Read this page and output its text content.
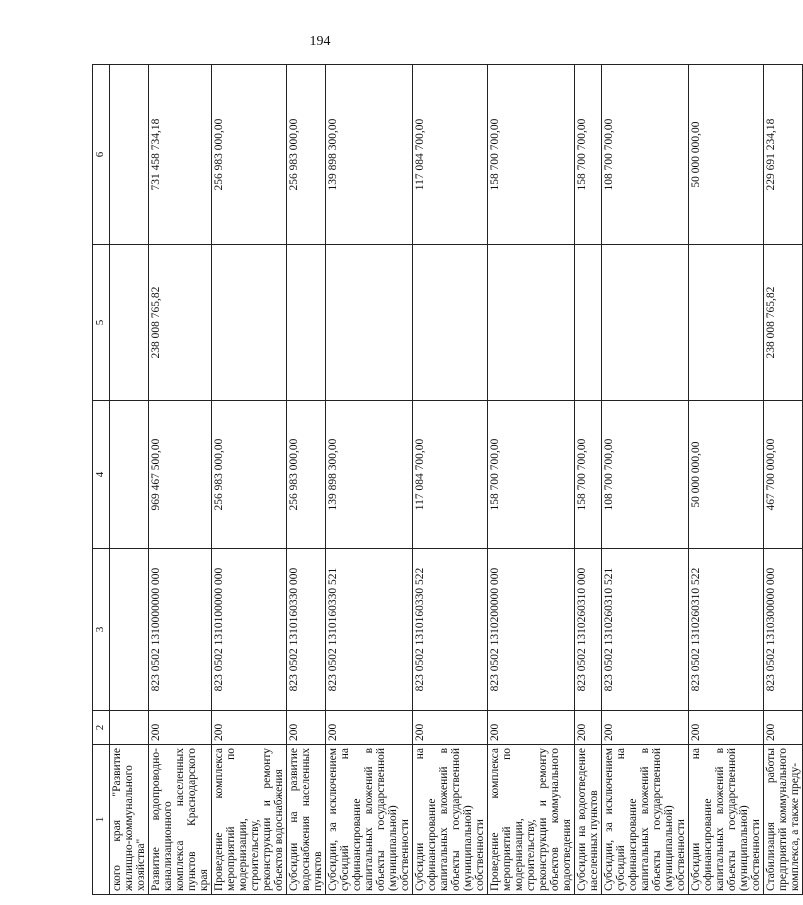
194
1	2	3	4	5	6
ского края "Развитие жилищно-коммунального хозяйства"					
Развитие водопроводно-канализационного комплекса населенных пунктов Краснодарского края	200	823 0502 1310000000 000	969 467 500,00	238 008 765,82	731 458 734,18
Проведение комплекса мероприятий по модернизации, строительству, реконструкции и ремонту объектов водоснабжения	200	823 0502 1310100000 000	256 983 000,00		256 983 000,00
Субсидии на развитие водоснабжения населенных пунктов	200	823 0502 1310160330 000	256 983 000,00		256 983 000,00
Субсидии, за исключением субсидий на софинансирование капитальных вложений в объекты государственной (муниципальной) собственности	200	823 0502 1310160330 521	139 898 300,00		139 898 300,00
Субсидии на софинансирование капитальных вложений в объекты государственной (муниципальной) собственности	200	823 0502 1310160330 522	117 084 700,00		117 084 700,00
Проведение комплекса мероприятий по модернизации, строительству, реконструкции и ремонту объектов коммунального водоотведения	200	823 0502 1310200000 000	158 700 700,00		158 700 700,00
Субсидии на водоотведение населенных пунктов	200	823 0502 1310260310 000	158 700 700,00		158 700 700,00
Субсидии, за исключением субсидий на софинансирование капитальных вложений в объекты государственной (муниципальной) собственности	200	823 0502 1310260310 521	108 700 700,00		108 700 700,00
Субсидии на софинансирование капитальных вложений в объекты государственной (муниципальной) собственности	200	823 0502 1310260310 522	50 000 000,00		50 000 000,00
Стабилизация работы предприятий коммунального комплекса, а также преду-	200	823 0502 1310300000 000	467 700 000,00	238 008 765,82	229 691 234,18
